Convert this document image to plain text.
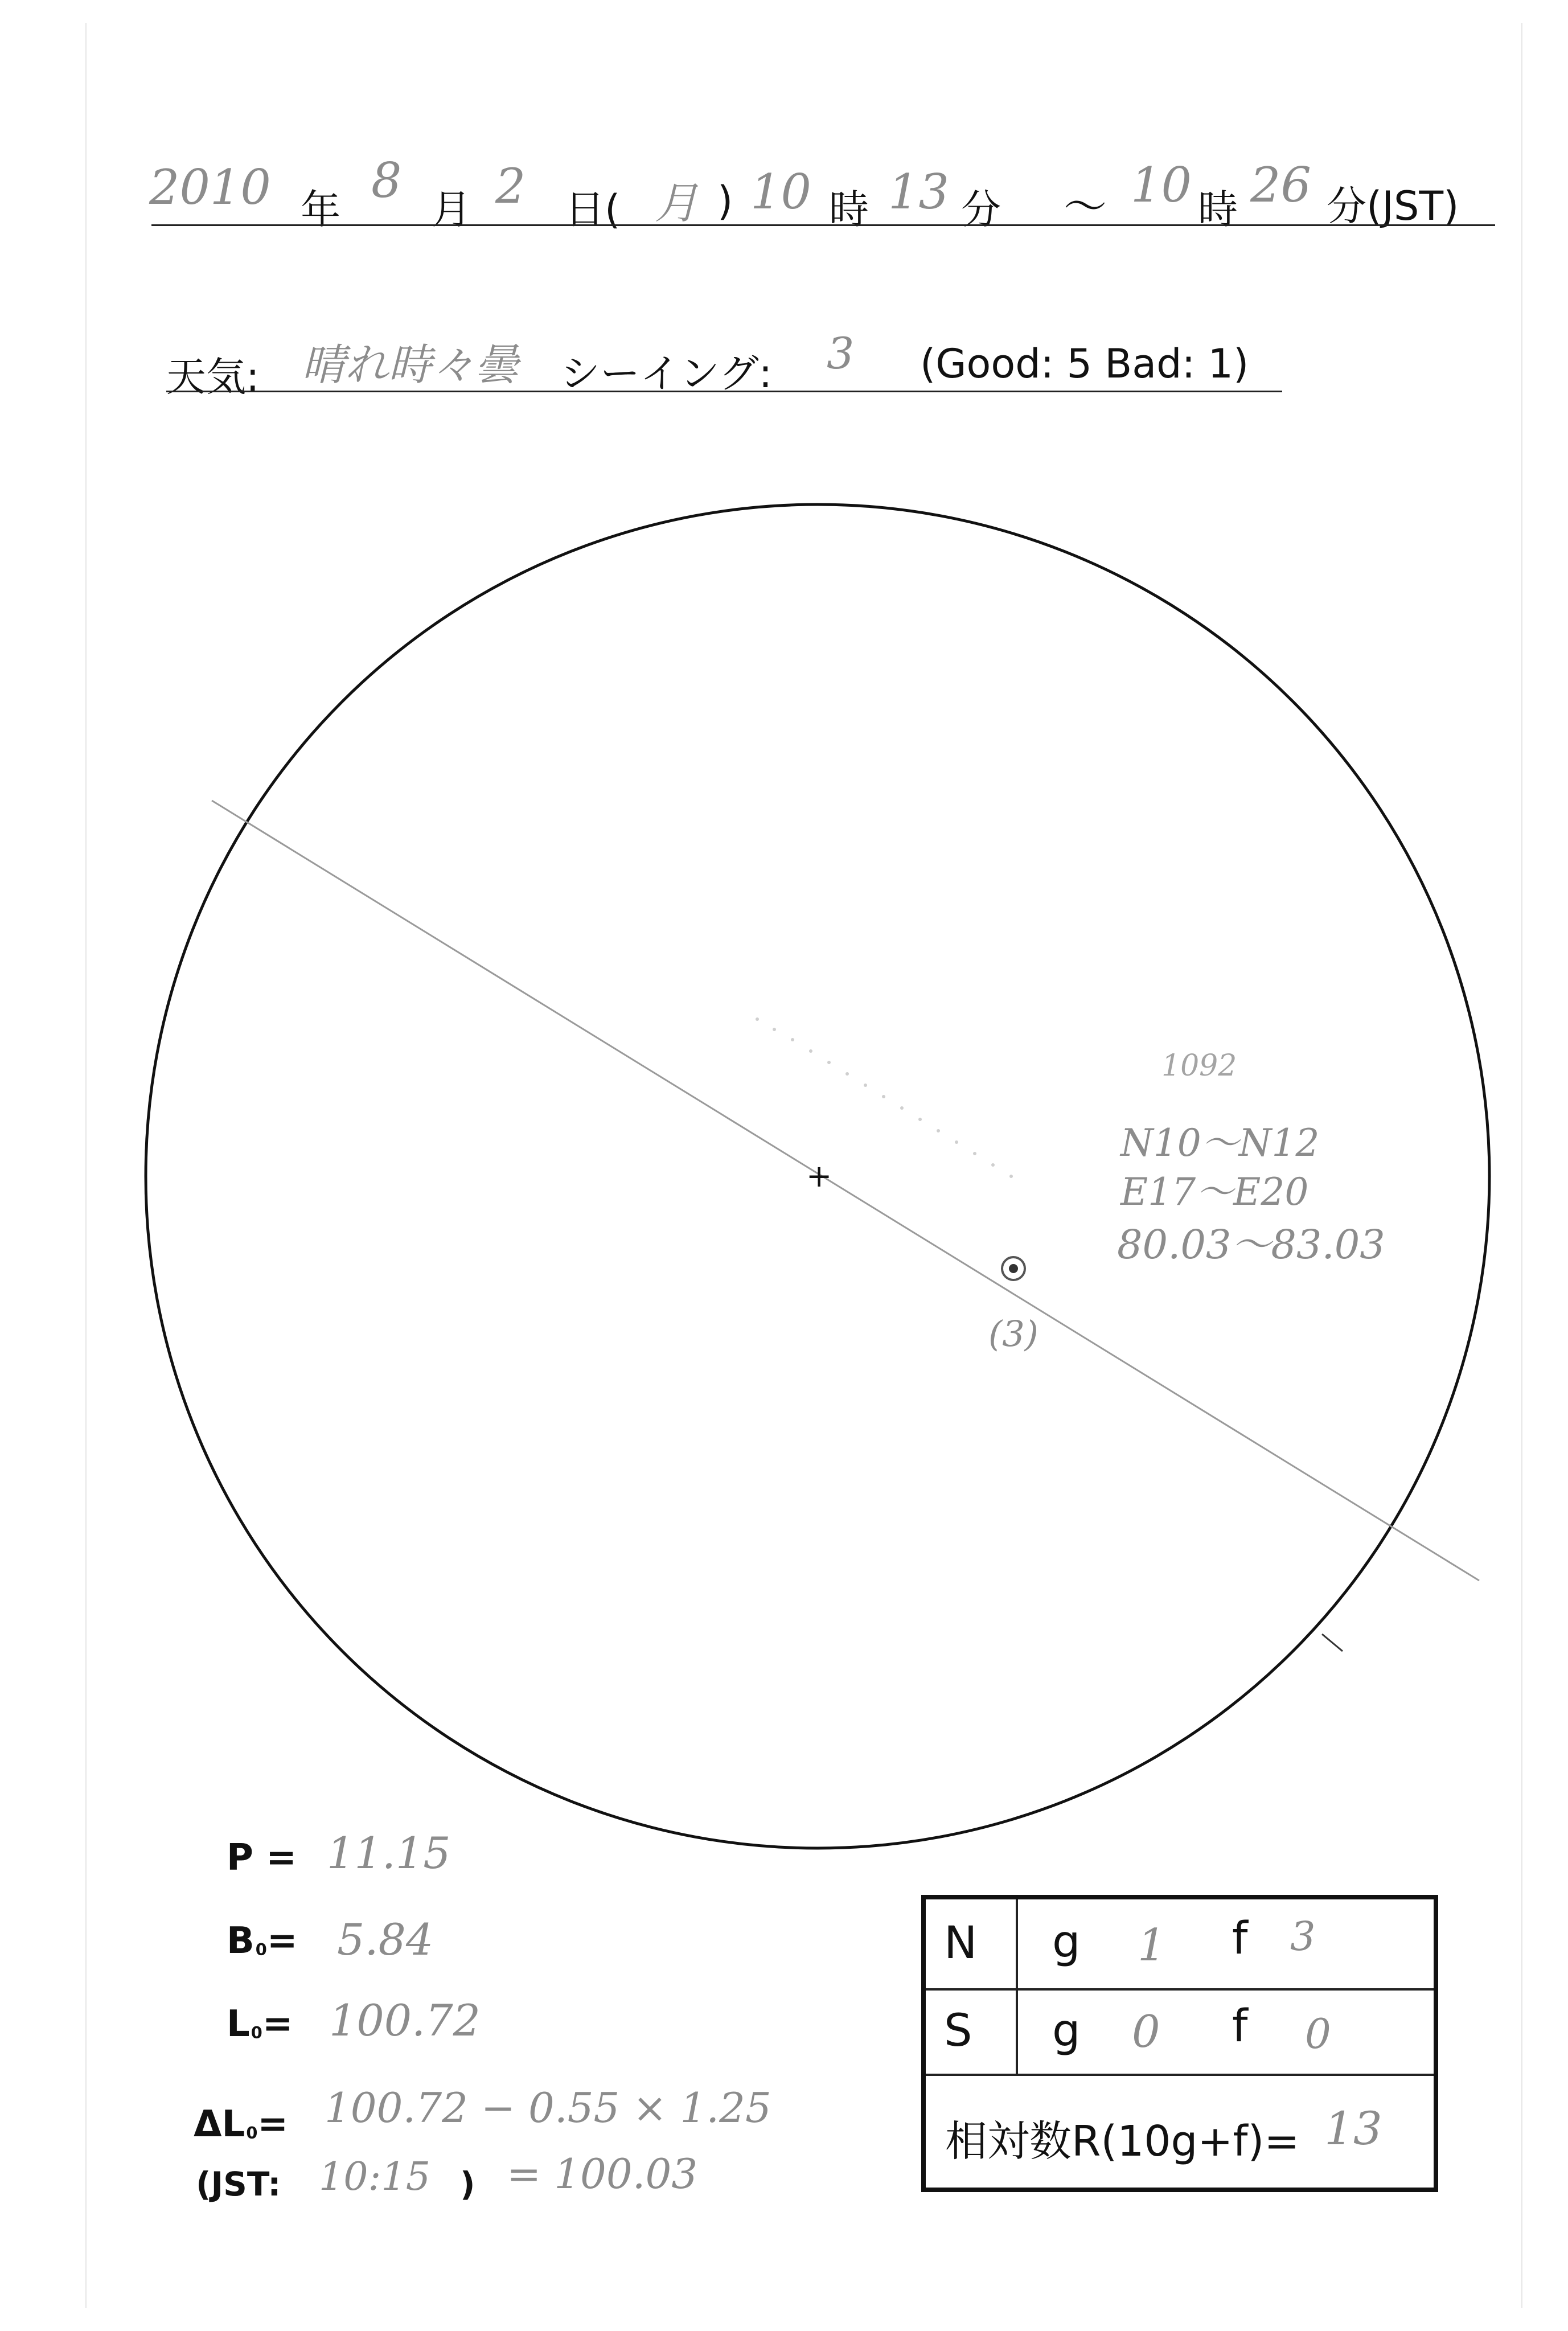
2010 年
8
月 2 日( 月 ) 10 時 13 分 ～ 10 時 26 分(JST)
天気: 晴れ時々曇 シーイング: 3 (Good: 5 Bad: 1)
+
1092
N10～N12
E17～E20
80.03～83.03
(3)
P = 11.15
B0= 5.84
L0= 100.72
ΔL0= 100.72 − 0.55 × 1.25
(JST: 10:15 ) = 100.03
N g 1 f 3
S g 0 f 0
相対数R(10g+f)= 13
